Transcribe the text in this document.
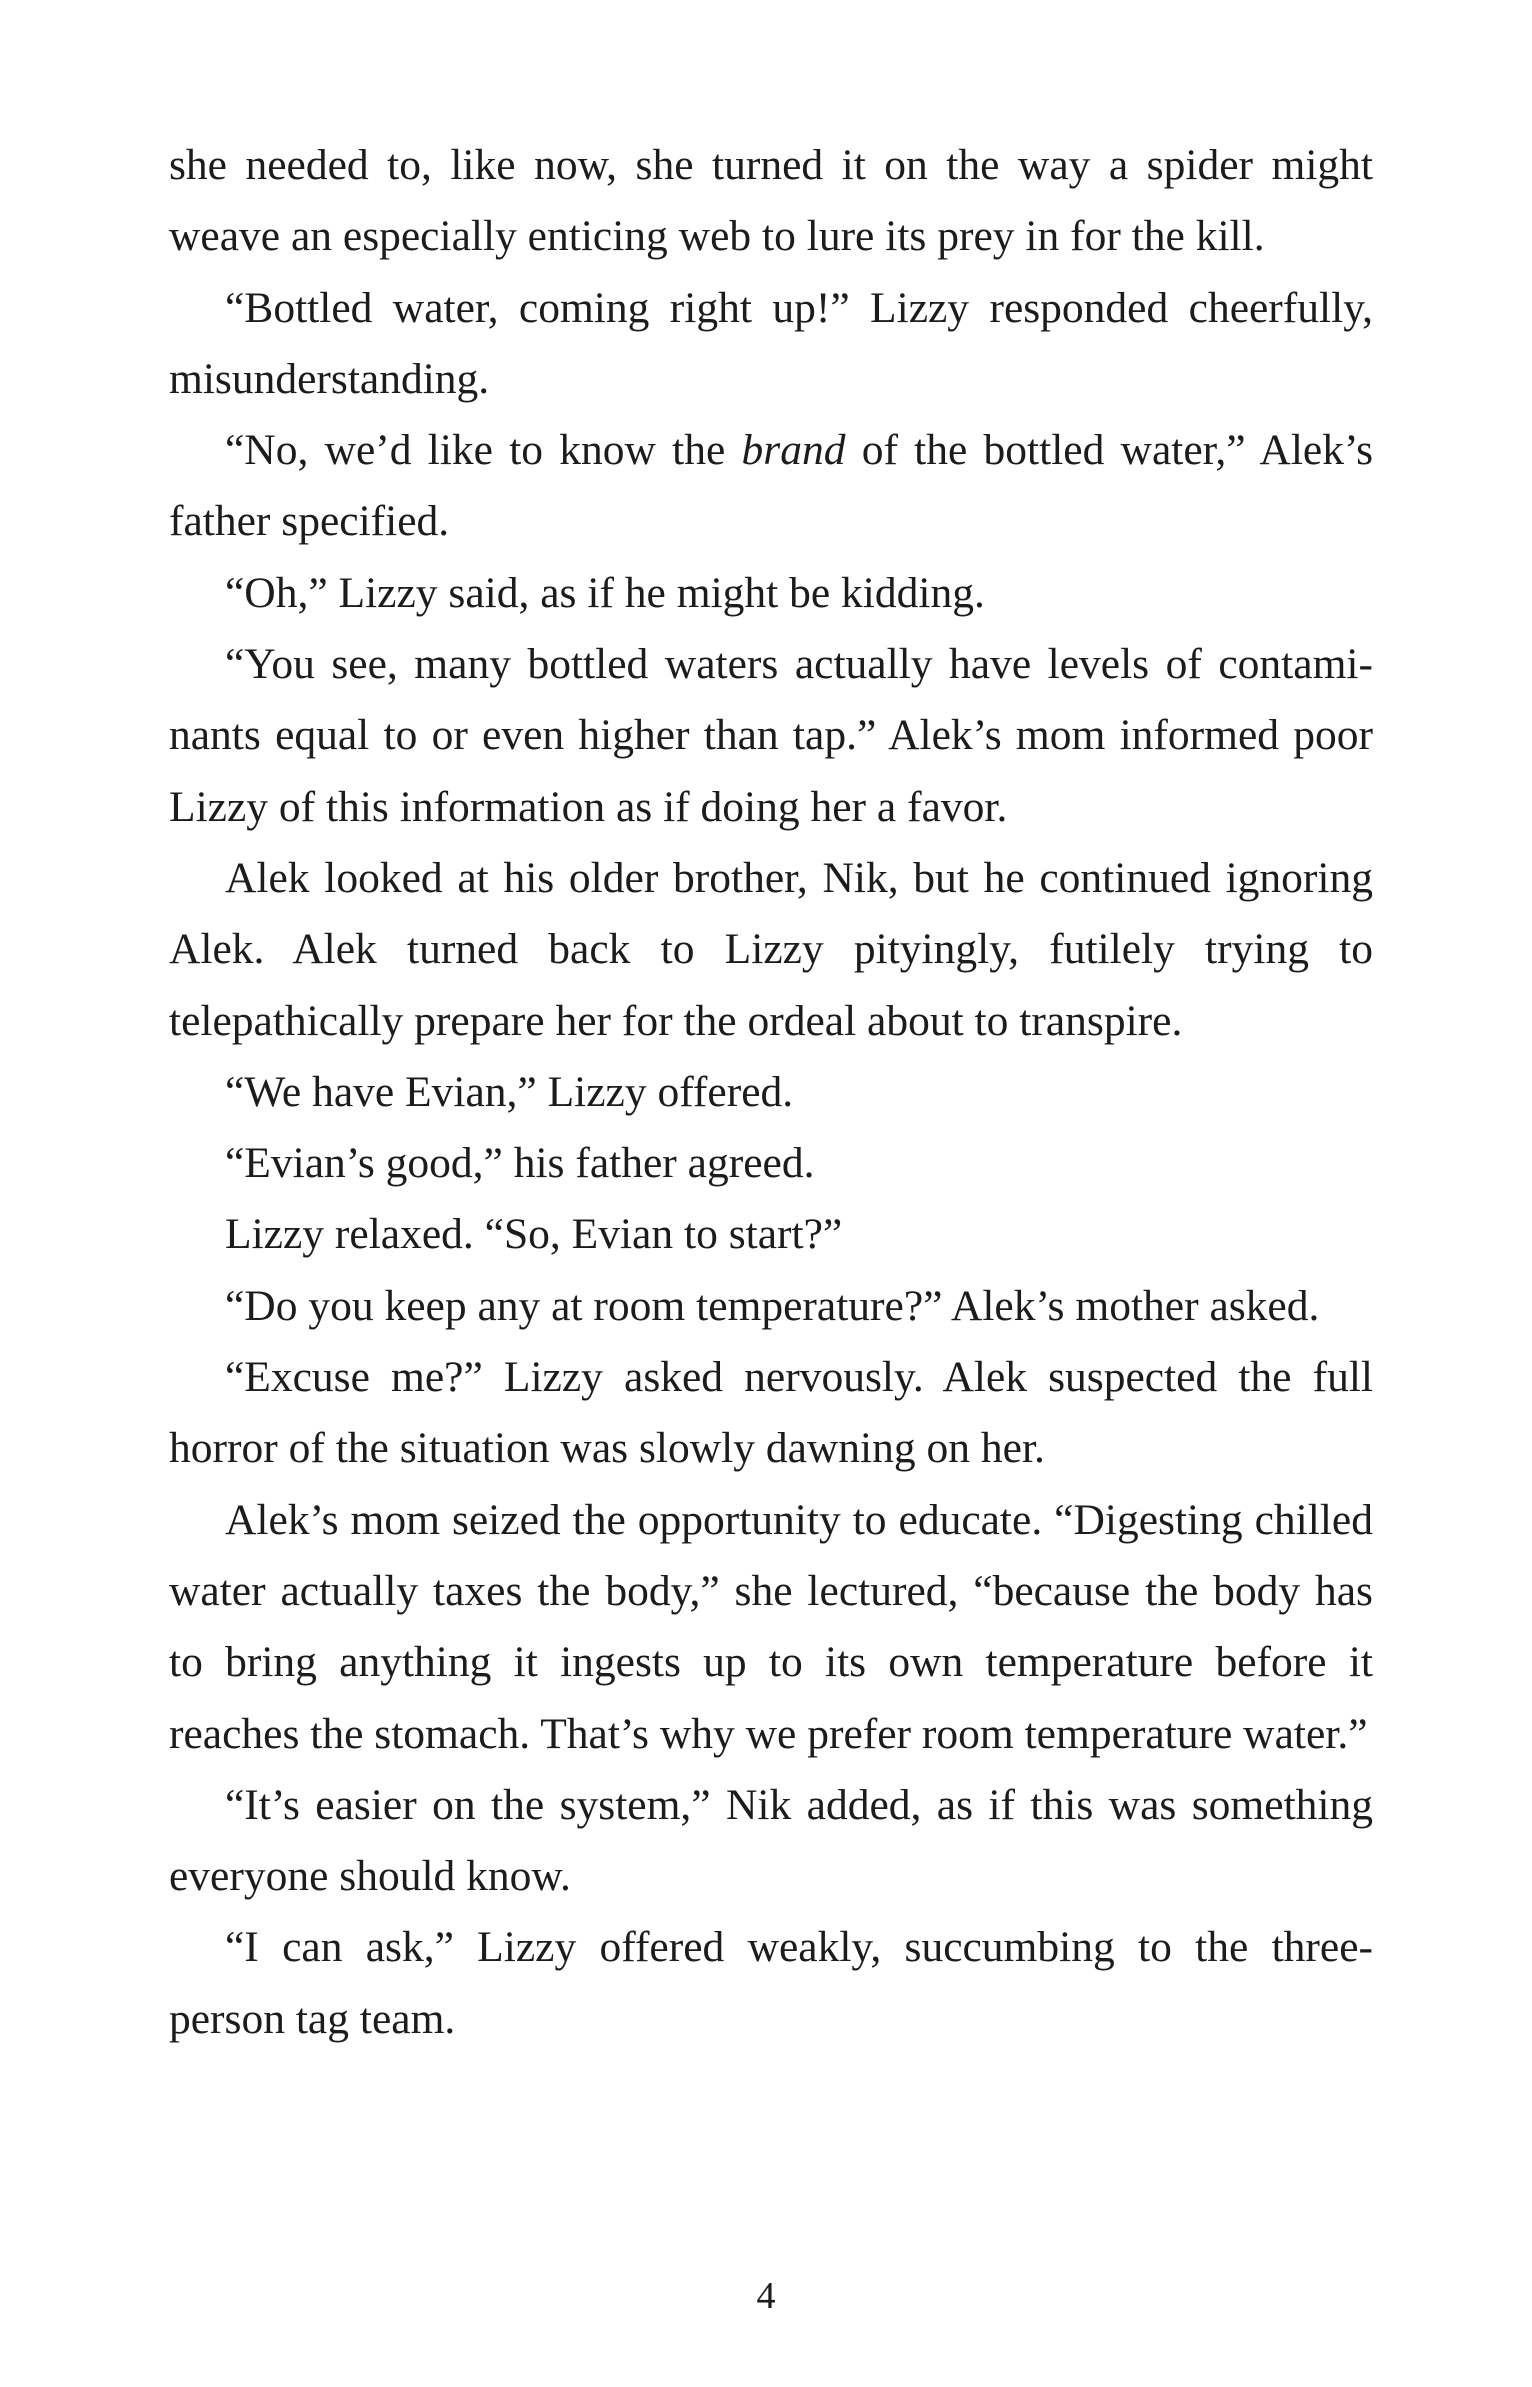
she needed to, like now, she turned it on the way a spider might weave an especially enticing web to lure its prey in for the kill.

“Bottled water, coming right up!” Lizzy responded cheerfully, misunderstanding.

“No, we’d like to know the brand of the bottled water,” Alek’s father specified.

“Oh,” Lizzy said, as if he might be kidding.

“You see, many bottled waters actually have levels of contaminants equal to or even higher than tap.” Alek’s mom informed poor Lizzy of this information as if doing her a favor.

Alek looked at his older brother, Nik, but he continued ignoring Alek. Alek turned back to Lizzy pityingly, futilely trying to telepathically prepare her for the ordeal about to transpire.

“We have Evian,” Lizzy offered.

“Evian’s good,” his father agreed.

Lizzy relaxed. “So, Evian to start?”

“Do you keep any at room temperature?” Alek’s mother asked.

“Excuse me?” Lizzy asked nervously. Alek suspected the full horror of the situation was slowly dawning on her.

Alek’s mom seized the opportunity to educate. “Digesting chilled water actually taxes the body,” she lectured, “because the body has to bring anything it ingests up to its own temperature before it reaches the stomach. That’s why we prefer room temperature water.”

“It’s easier on the system,” Nik added, as if this was something everyone should know.

“I can ask,” Lizzy offered weakly, succumbing to the three-person tag team.

4
